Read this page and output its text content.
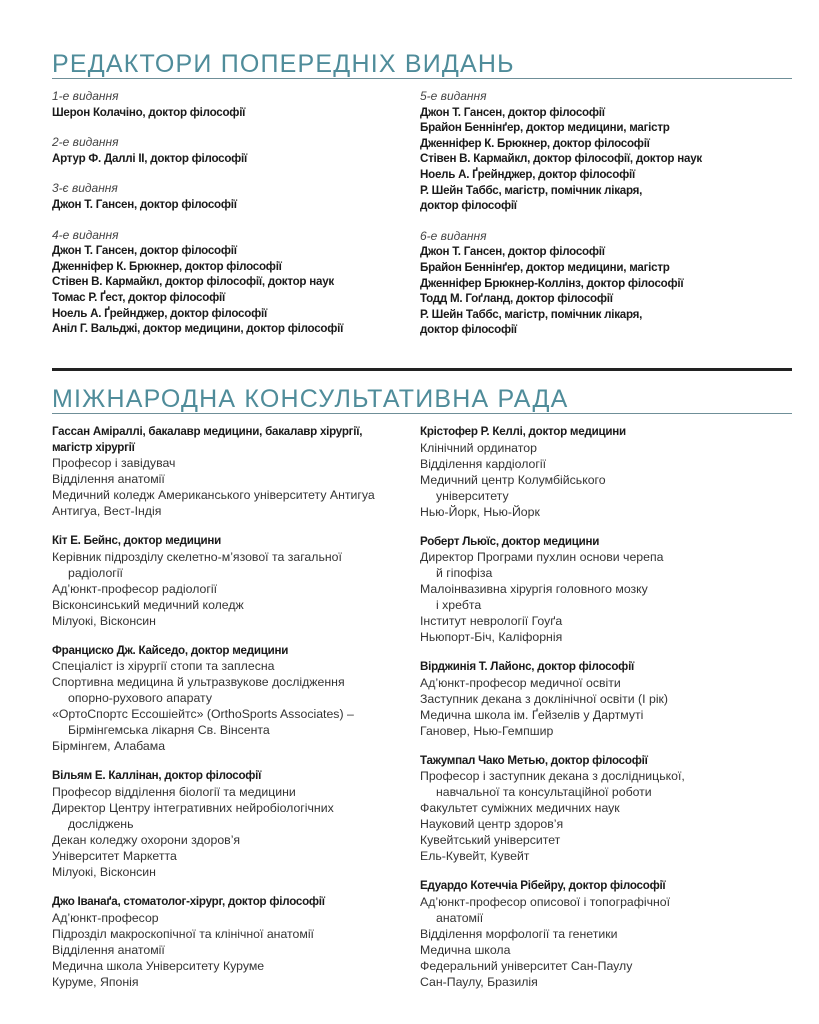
РЕДАКТОРИ ПОПЕРЕДНІХ ВИДАНЬ
1-е видання
Шерон Колачіно, доктор філософії
2-е видання
Артур Ф. Даллі II, доктор філософії
3-є видання
Джон Т. Гансен, доктор філософії
4-е видання
Джон Т. Гансен, доктор філософії
Дженніфер К. Брюкнер, доктор філософії
Стівен В. Кармайкл, доктор філософії, доктор наук
Томас Р. Ґест, доктор філософії
Ноель А. Ґрейнджер, доктор філософії
Аніл Г. Вальджі, доктор медицини, доктор філософії
5-е видання
Джон Т. Гансен, доктор філософії
Брайон Беннінґер, доктор медицини, магістр
Дженніфер К. Брюкнер, доктор філософії
Стівен В. Кармайкл, доктор філософії, доктор наук
Ноель А. Ґрейнджер, доктор філософії
Р. Шейн Таббс, магістр, помічник лікаря,
доктор філософії
6-е видання
Джон Т. Гансен, доктор філософії
Брайон Беннінґер, доктор медицини, магістр
Дженніфер Брюкнер-Коллінз, доктор філософії
Тодд М. Гоґланд, доктор філософії
Р. Шейн Таббс, магістр, помічник лікаря,
доктор філософії
МІЖНАРОДНА КОНСУЛЬТАТИВНА РАДА
Гассан Аміраллі, бакалавр медицини, бакалавр хірургії,
магістр хірургії
Професор і завідувач
Відділення анатомії
Медичний коледж Американського університету Антигуа
Антигуа, Вест-Індія
Кіт Е. Бейнс, доктор медицини
Керівник підрозділу скелетно-м’язової та загальної
радіології
Ад’юнкт-професор радіології
Вісконсинський медичний коледж
Мілуокі, Вісконсин
Франциско Дж. Кайседо, доктор медицини
Спеціаліст із хірургії стопи та заплесна
Спортивна медицина й ультразвукове дослідження
опорно-рухового апарату
«ОртоСпортс Ессошіейтс» (OrthoSports Associates) –
Бірмінгемська лікарня Св. Вінсента
Бірмінгем, Алабама
Вільям Е. Каллінан, доктор філософії
Професор відділення біології та медицини
Директор Центру інтегративних нейробіологічних
досліджень
Декан коледжу охорони здоров’я
Університет Маркетта
Мілуокі, Вісконсин
Джо Іванаґа, стоматолог-хірург, доктор філософії
Ад’юнкт-професор
Підрозділ макроскопічної та клінічної анатомії
Відділення анатомії
Медична школа Університету Куруме
Куруме, Японія
Крістофер Р. Келлі, доктор медицини
Клінічний ординатор
Відділення кардіології
Медичний центр Колумбійського
університету
Нью-Йорк, Нью-Йорк
Роберт Льюїс, доктор медицини
Директор Програми пухлин основи черепа
й гіпофіза
Малоінвазивна хірургія головного мозку
і хребта
Інститут неврології Гоуґа
Ньюпорт-Біч, Каліфорнія
Вірджинія Т. Лайонс, доктор філософії
Ад’юнкт-професор медичної освіти
Заступник декана з доклінічної освіти (І рік)
Медична школа ім. Ґейзелів у Дартмуті
Гановер, Нью-Гемпшир
Тажумпал Чако Метью, доктор філософії
Професор і заступник декана з дослідницької,
навчальної та консультаційної роботи
Факультет суміжних медичних наук
Науковий центр здоров’я
Кувейтський університет
Ель-Кувейт, Кувейт
Едуардо Котеччіа Рібейру, доктор філософії
Ад’юнкт-професор описової і топографічної
анатомії
Відділення морфології та генетики
Медична школа
Федеральний університет Сан-Паулу
Сан-Паулу, Бразилія
